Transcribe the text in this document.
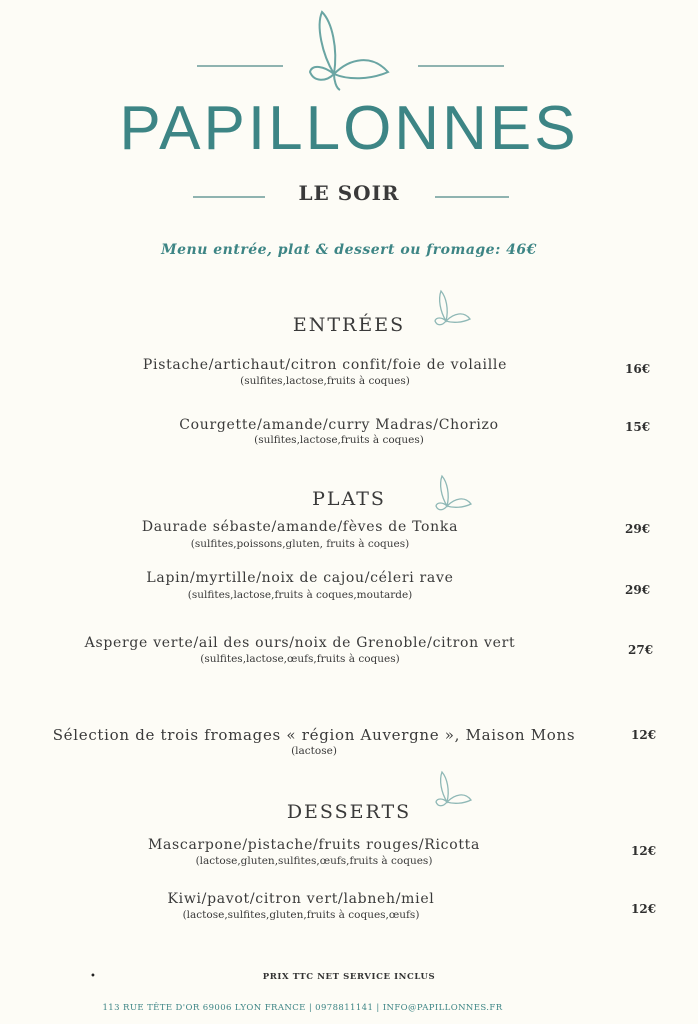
PAPILLONNES
LE SOIR
Menu entrée, plat & dessert ou fromage: 46€
ENTRÉES
Pistache/artichaut/citron confit/foie de volaille
(sulfites,lactose,fruits à coques)
16€
Courgette/amande/curry Madras/Chorizo
(sulfites,lactose,fruits à coques)
15€
PLATS
Daurade sébaste/amande/fèves de Tonka
(sulfites,poissons,gluten, fruits à coques)
29€
Lapin/myrtille/noix de cajou/céleri rave
(sulfites,lactose,fruits à coques,moutarde)	29€
Asperge verte/ail des ours/noix de Grenoble/citron vert
(sulfites,lactose,œufs,fruits à coques)
27€
Sélection de trois fromages « région Auvergne », Maison Mons
(lactose)
12€
DESSERTS
Mascarpone/pistache/fruits rouges/Ricotta
(lactose,gluten,sulfites,œufs,fruits à coques)
12€
Kiwi/pavot/citron vert/labneh/miel
(lactose,sulfites,gluten,fruits à coques,œufs)	12€
•	PRIX TTC NET SERVICE INCLUS
113 RUE TÊTE D'OR 69006 LYON FRANCE | 0978811141 | INFO@PAPILLONNES.FR
